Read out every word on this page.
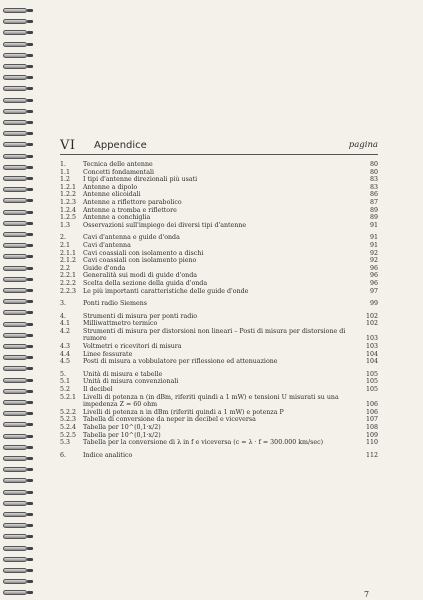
VI Appendice	pagina
1.	Tecnica delle antenne	80
1.1 Concetti fondamentali	80
1.2 I tipi d'antenne direzionali più usati	83
1.2.1 Antenne a dipolo	83
1.2.2 Antenne elicoidali	86
1.2.3 Antenne a riflettore parabolico	87
1.2.4 Antenne a tromba e riflettore	89
1.2.5 Antenne a conchiglia	89
1.3 Osservazioni sull'impiego dei diversi tipi d'antenne	91
2.	Cavi d'antenna e guide d'onda	91
2.1 Cavi d'antenna	91
2.1.1 Cavi coassiali con isolamento a dischi	92
2.1.2 Cavi coassiali con isolamento pieno	92
2.2 Guide d'onda	96
2.2.1 Generalità sui modi di guide d'onda	96
2.2.2 Scelta della sezione della guida d'onda	96
2.2.3 Le più importanti caratteristiche delle guide d'onde	97
3.	Ponti radio Siemens	99
4.	Strumenti di misura per ponti radio	102
4.1 Milliwattmetro termico	102
4.2 Strumenti di misura per distorsioni non lineari – Posti di misura per distorsione di rumore	103
4.3 Voltmetri e ricevitori di misura	103
4.4 Linee fessurate	104
4.5 Posti di misura a vobbulatore per riflessione ed attenuazione	104
5.	Unità di misura e tabelle	105
5.1 Unità di misura convenzionali	105
5.2 Il decibel	105
5.2.1 Livelli di potenza n (in dBm, riferiti quindi a 1 mW) e tensioni U misurati su una impedenza Z = 60 ohm	106
5.2.2 Livelli di potenza n in dBm (riferiti quindi a 1 mW) e potenza P	106
5.2.3 Tabella di conversione da neper in decibel e viceversa	107
5.2.4 Tabella per 10^(0,1·x/2)	108
5.2.5 Tabella per 10^(0,1·x/2)	109
5.3 Tabella per la conversione di λ in f e viceversa (c = λ · f = 300.000 km/sec)	110
6.	Indice analitico	112
7
